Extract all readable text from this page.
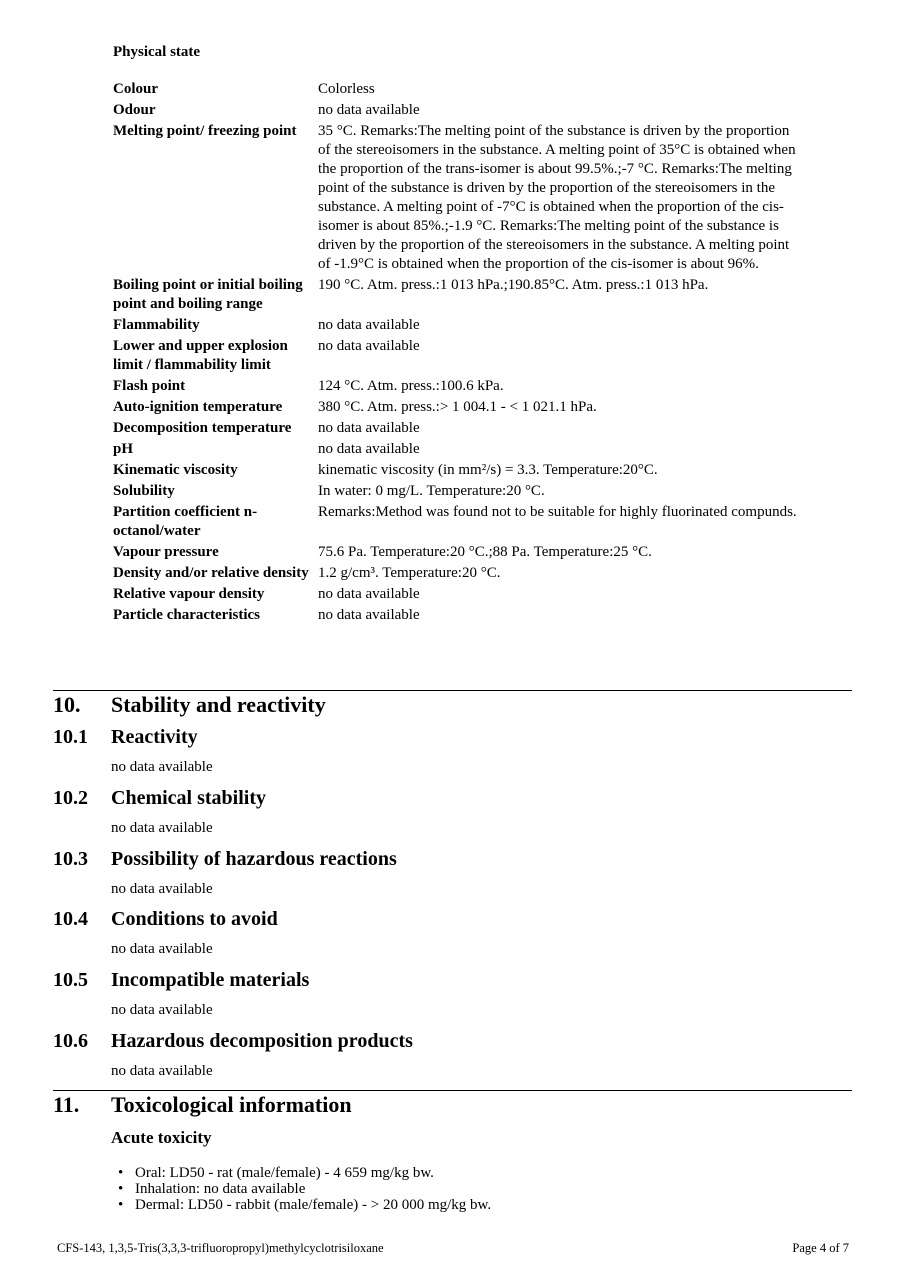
Physical state
Colour	Colorless
Odour	no data available
Melting point/ freezing point	35 °C. Remarks:The melting point of the substance is driven by the proportion of the stereoisomers in the substance. A melting point of 35°C is obtained when the proportion of the trans-isomer is about 99.5%.;-7 °C. Remarks:The melting point of the substance is driven by the proportion of the stereoisomers in the substance. A melting point of -7°C is obtained when the proportion of the cis-isomer is about 85%.;-1.9 °C. Remarks:The melting point of the substance is driven by the proportion of the stereoisomers in the substance. A melting point of -1.9°C is obtained when the proportion of the cis-isomer is about 96%.
Boiling point or initial boiling point and boiling range	190 °C. Atm. press.:1 013 hPa.;190.85°C. Atm. press.:1 013 hPa.
Flammability	no data available
Lower and upper explosion limit / flammability limit	no data available
Flash point	124 °C. Atm. press.:100.6 kPa.
Auto-ignition temperature	380 °C. Atm. press.:> 1 004.1 - < 1 021.1 hPa.
Decomposition temperature	no data available
pH	no data available
Kinematic viscosity	kinematic viscosity (in mm²/s) = 3.3. Temperature:20°C.
Solubility	In water: 0 mg/L. Temperature:20 °C.
Partition coefficient n-octanol/water	Remarks:Method was found not to be suitable for highly fluorinated compunds.
Vapour pressure	75.6 Pa. Temperature:20 °C.;88 Pa. Temperature:25 °C.
Density and/or relative density	1.2 g/cm³. Temperature:20 °C.
Relative vapour density	no data available
Particle characteristics	no data available
10. Stability and reactivity
10.1 Reactivity
no data available
10.2 Chemical stability
no data available
10.3 Possibility of hazardous reactions
no data available
10.4 Conditions to avoid
no data available
10.5 Incompatible materials
no data available
10.6 Hazardous decomposition products
no data available
11. Toxicological information
Acute toxicity
• Oral: LD50 - rat (male/female) - 4 659 mg/kg bw.
• Inhalation: no data available
• Dermal: LD50 - rabbit (male/female) - > 20 000 mg/kg bw.
CFS-143, 1,3,5-Tris(3,3,3-trifluoropropyl)methylcyclotrisiloxane	Page 4 of 7
